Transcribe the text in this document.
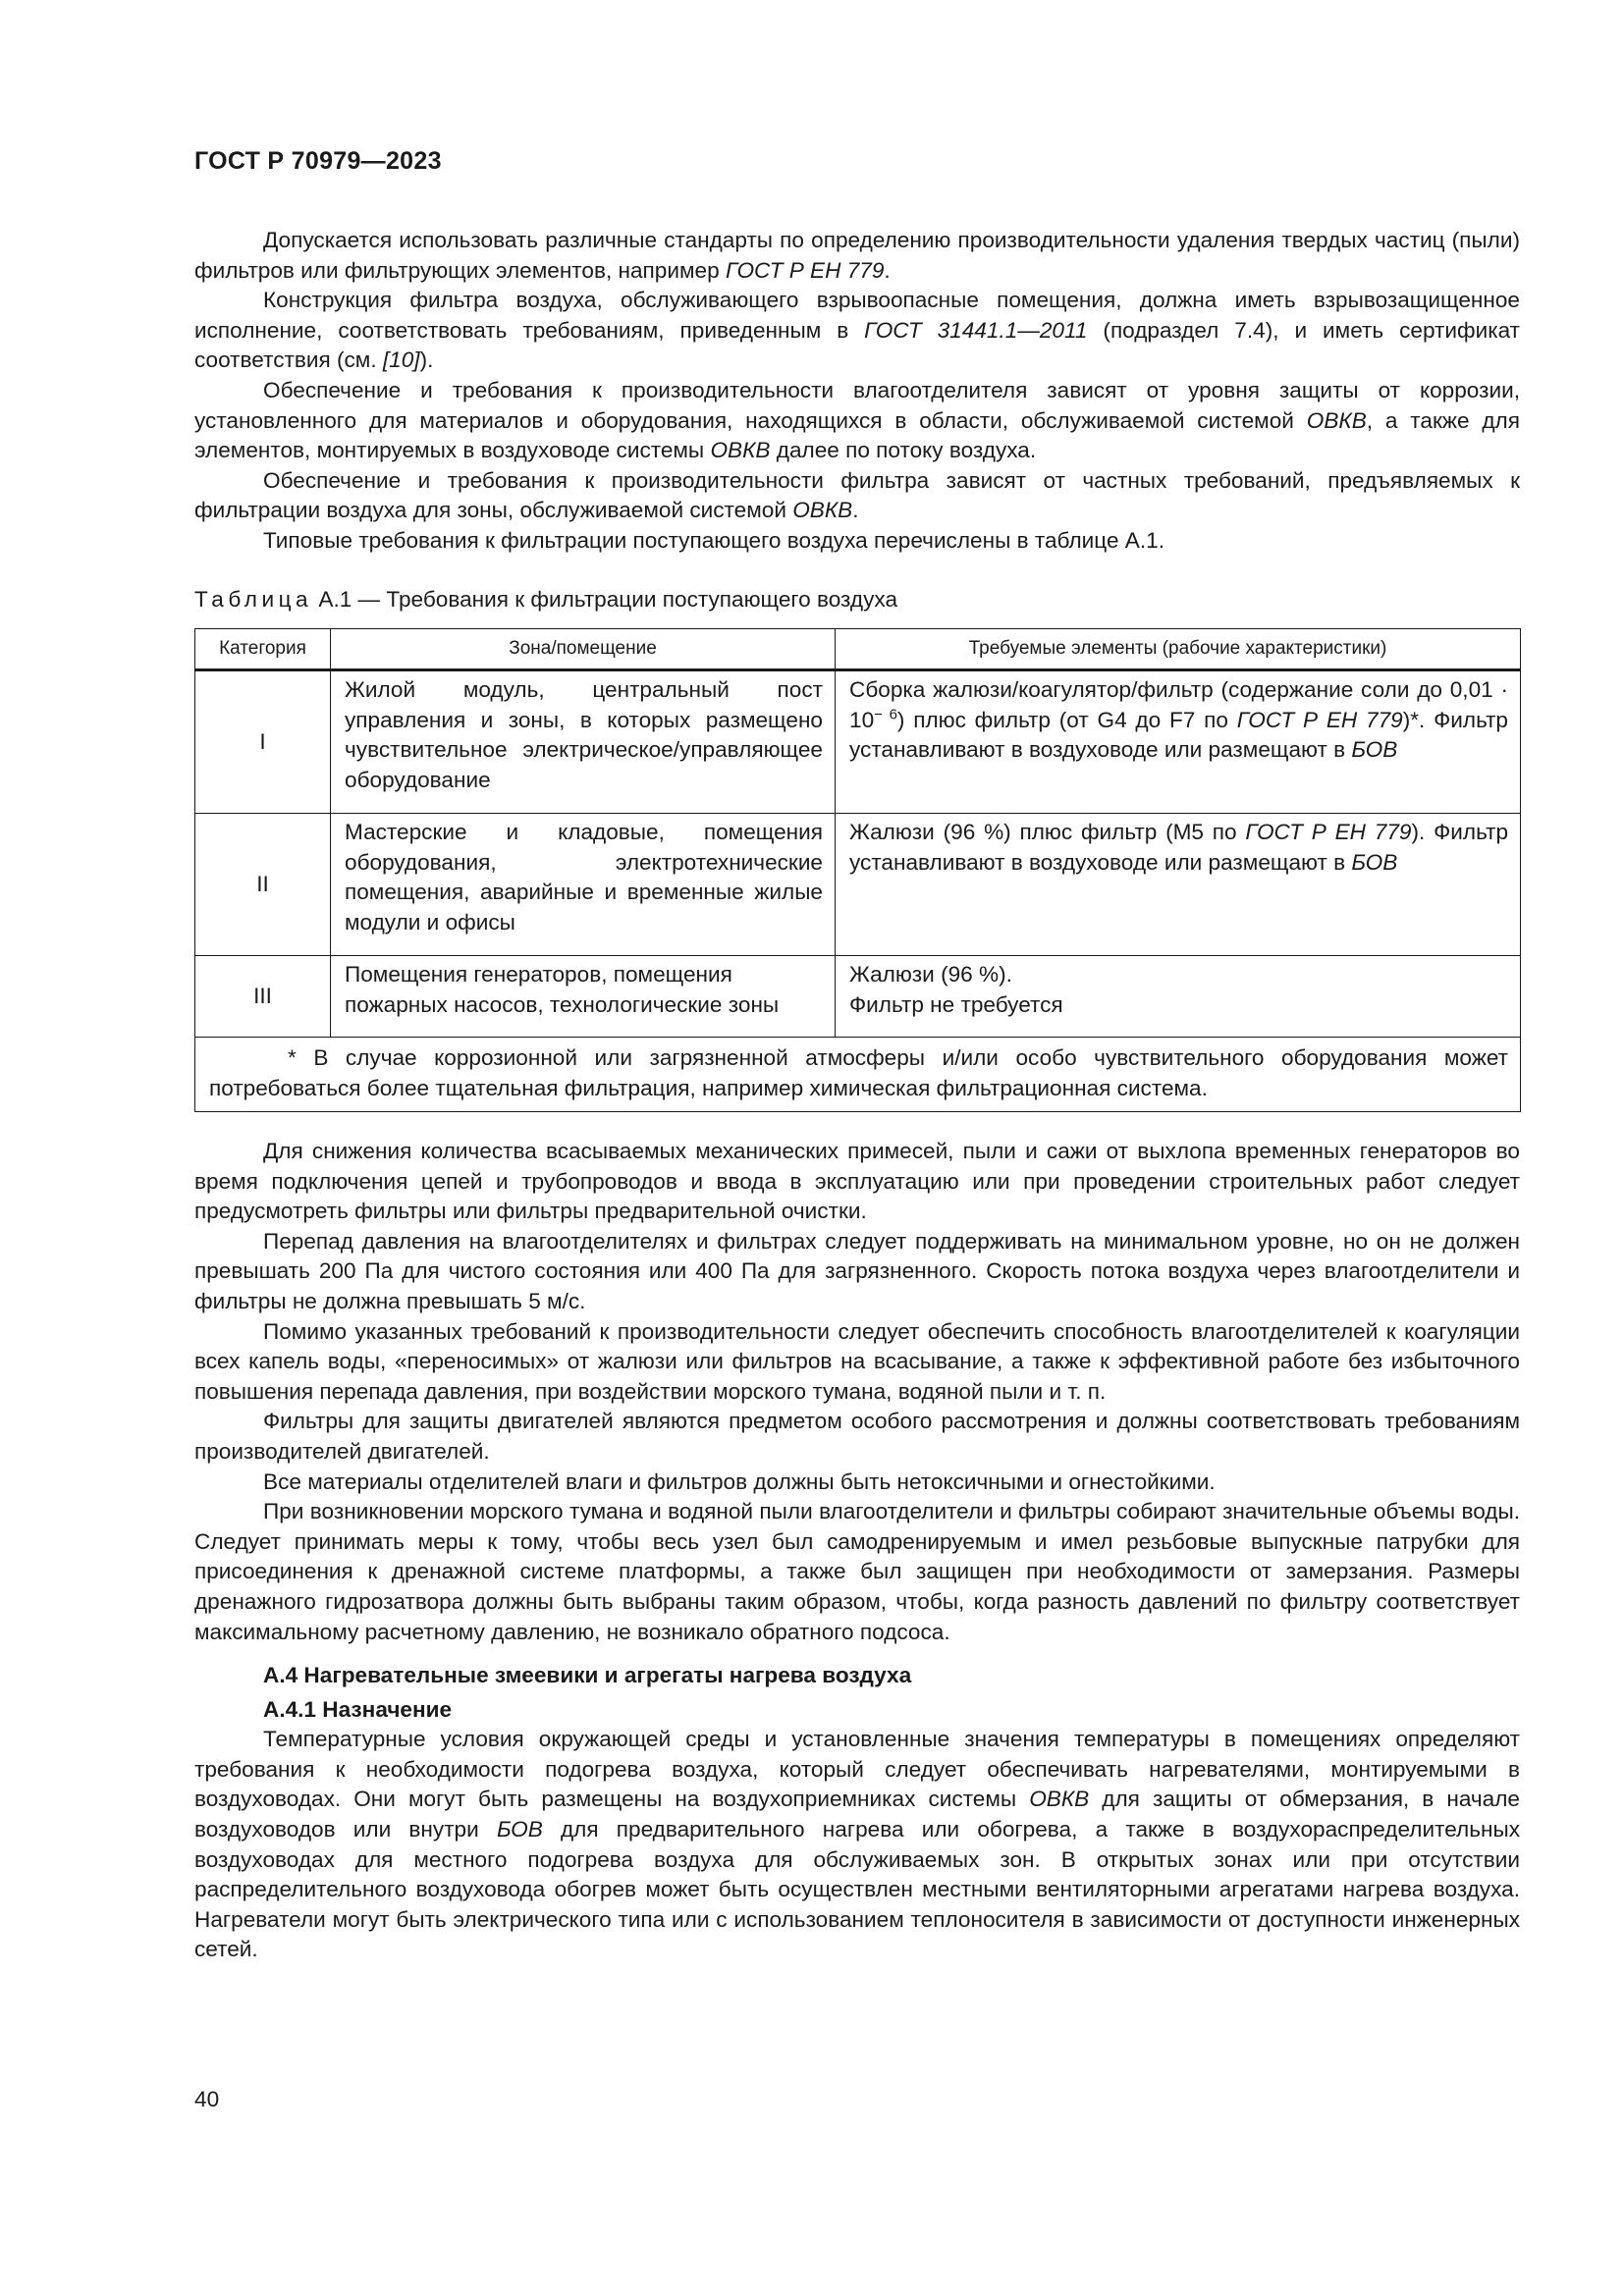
ГОСТ Р 70979—2023

Допускается использовать различные стандарты по определению производительности удаления твердых частиц (пыли) фильтров или фильтрующих элементов, например ГОСТ Р ЕН 779.

Конструкция фильтра воздуха, обслуживающего взрывоопасные помещения, должна иметь взрывозащищенное исполнение, соответствовать требованиям, приведенным в ГОСТ 31441.1—2011 (подраздел 7.4), и иметь сертификат соответствия (см. [10]).

Обеспечение и требования к производительности влагоотделителя зависят от уровня защиты от коррозии, установленного для материалов и оборудования, находящихся в области, обслуживаемой системой ОВКВ, а также для элементов, монтируемых в воздуховоде системы ОВКВ далее по потоку воздуха.

Обеспечение и требования к производительности фильтра зависят от частных требований, предъявляемых к фильтрации воздуха для зоны, обслуживаемой системой ОВКВ.

Типовые требования к фильтрации поступающего воздуха перечислены в таблице А.1.

Таблица А.1 — Требования к фильтрации поступающего воздуха
Категория	Зона/помещение	Требуемые элементы (рабочие характеристики)
I	Жилой модуль, центральный пост управления и зоны, в которых размещено чувствительное электрическое/управляющее оборудование	Сборка жалюзи/коагулятор/фильтр (содержание соли до $0,01 \cdot 10^{- 6}$) плюс фильтр (от G4 до F7 по ГОСТ Р ЕН 779)*. Фильтр устанавливают в воздуховоде или размещают в БОВ
II	Мастерские и кладовые, помещения оборудования, электротехнические помещения, аварийные и временные жилые модули и офисы	Жалюзи (96 %) плюс фильтр (М5 по ГОСТ Р ЕН 779). Фильтр устанавливают в воздуховоде или размещают в БОВ
III	Помещения генераторов, помещения пожарных насосов, технологические зоны	Жалюзи (96 %).
Фильтр не требуется
* В случае коррозионной или загрязненной атмосферы и/или особо чувствительного оборудования может потребоваться более тщательная фильтрация, например химическая фильтрационная система.		

Для снижения количества всасываемых механических примесей, пыли и сажи от выхлопа временных генераторов во время подключения цепей и трубопроводов и ввода в эксплуатацию или при проведении строительных работ следует предусмотреть фильтры или фильтры предварительной очистки.

Перепад давления на влагоотделителях и фильтрах следует поддерживать на минимальном уровне, но он не должен превышать 200 Па для чистого состояния или 400 Па для загрязненного. Скорость потока воздуха через влагоотделители и фильтры не должна превышать 5 м/с.

Помимо указанных требований к производительности следует обеспечить способность влагоотделителей к коагуляции всех капель воды, «переносимых» от жалюзи или фильтров на всасывание, а также к эффективной работе без избыточного повышения перепада давления, при воздействии морского тумана, водяной пыли и т. п.

Фильтры для защиты двигателей являются предметом особого рассмотрения и должны соответствовать требованиям производителей двигателей.

Все материалы отделителей влаги и фильтров должны быть нетоксичными и огнестойкими.

При возникновении морского тумана и водяной пыли влагоотделители и фильтры собирают значительные объемы воды. Следует принимать меры к тому, чтобы весь узел был самодренируемым и имел резьбовые выпускные патрубки для присоединения к дренажной системе платформы, а также был защищен при необходимости от замерзания. Размеры дренажного гидрозатвора должны быть выбраны таким образом, чтобы, когда разность давлений по фильтру соответствует максимальному расчетному давлению, не возникало обратного подсоса.

А.4 Нагревательные змеевики и агрегаты нагрева воздуха
А.4.1 Назначение

Температурные условия окружающей среды и установленные значения температуры в помещениях определяют требования к необходимости подогрева воздуха, который следует обеспечивать нагревателями, монтируемыми в воздуховодах. Они могут быть размещены на воздухоприемниках системы ОВКВ для защиты от обмерзания, в начале воздуховодов или внутри БОВ для предварительного нагрева или обогрева, а также в воздухораспределительных воздуховодах для местного подогрева воздуха для обслуживаемых зон. В открытых зонах или при отсутствии распределительного воздуховода обогрев может быть осуществлен местными вентиляторными агрегатами нагрева воздуха. Нагреватели могут быть электрического типа или с использованием теплоносителя в зависимости от доступности инженерных сетей.

40
